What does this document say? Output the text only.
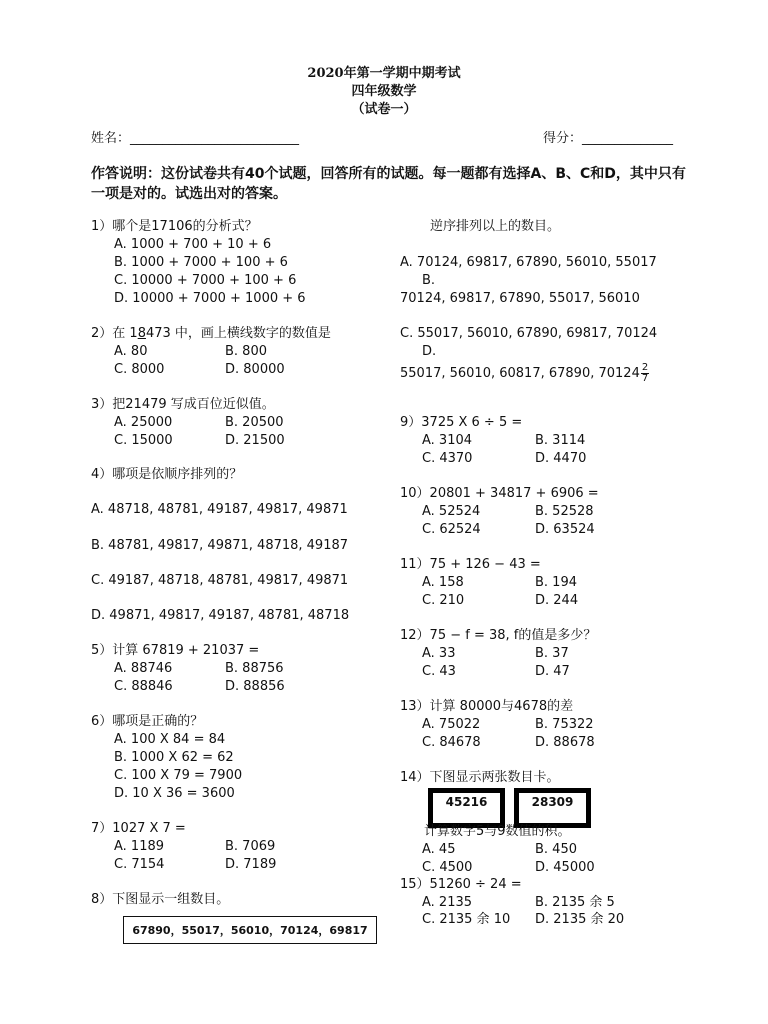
2020年第一学期中期考试
四年级数学
（试卷一）
姓名：__________________________	得分：______________
作答说明：这份试卷共有40个试题，回答所有的试题。每一题都有选择A、B、C和D，其中只有一项是对的。试选出对的答案。
1）哪个是17106的分析式？
A. 1000 + 700 + 10 + 6
B. 1000 + 7000 + 100 + 6
C. 10000 + 7000 + 100 + 6
D. 10000 + 7000 + 1000 + 6
2）在 18473 中，画上横线数字的数值是
A. 80	B. 800
C. 8000	D. 80000
3）把21479 写成百位近似值。
A. 25000	B. 20500
C. 15000	D. 21500
4）哪项是依顺序排列的？
A. 48718, 48781, 49187, 49817, 49871
B. 48781, 49817, 49871, 48718, 49187
C. 49187, 48718, 48781, 49817, 49871
D. 49871, 49817, 49187, 48781, 48718
5）计算 67819 + 21037 =
A. 88746	B. 88756
C. 88846	D. 88856
6）哪项是正确的？
A. 100 X 84 = 84
B. 1000 X 62 = 62
C. 100 X 79 = 7900
D. 10 X 36 = 3600
7）1027 X 7 =
A. 1189	B. 7069
C. 7154	D. 7189
8）下图显示一组数目。
67890，55017，56010，70124，69817
逆序排列以上的数目。
A. 70124, 69817, 67890, 56010, 55017
B.
70124, 69817, 67890, 55017, 56010
C. 55017, 56010, 67890, 69817, 70124
D.
55017, 56010, 60817, 67890, $70124 \frac{2}{7}$
9）3725 X 6 ÷ 5 =
A. 3104	B. 3114
C. 4370	D. 4470
10）20801 + 34817 + 6906 =
A. 52524	B. 52528
C. 62524	D. 63524
11）75 + 126 − 43 =
A. 158	B. 194
C. 210	D. 244
12）75 − f = 38, f的值是多少？
A. 33	B. 37
C. 43	D. 47
13）计算 80000与4678的差
A. 75022	B. 75322
C. 84678	D. 88678
14）下图显示两张数目卡。
45216	28309
计算数字5与9数值的积。
A. 45	B. 450
C. 4500	D. 45000
15）51260 ÷ 24 =
A. 2135	B. 2135 余 5
C. 2135 余 10 D. 2135 余 20
